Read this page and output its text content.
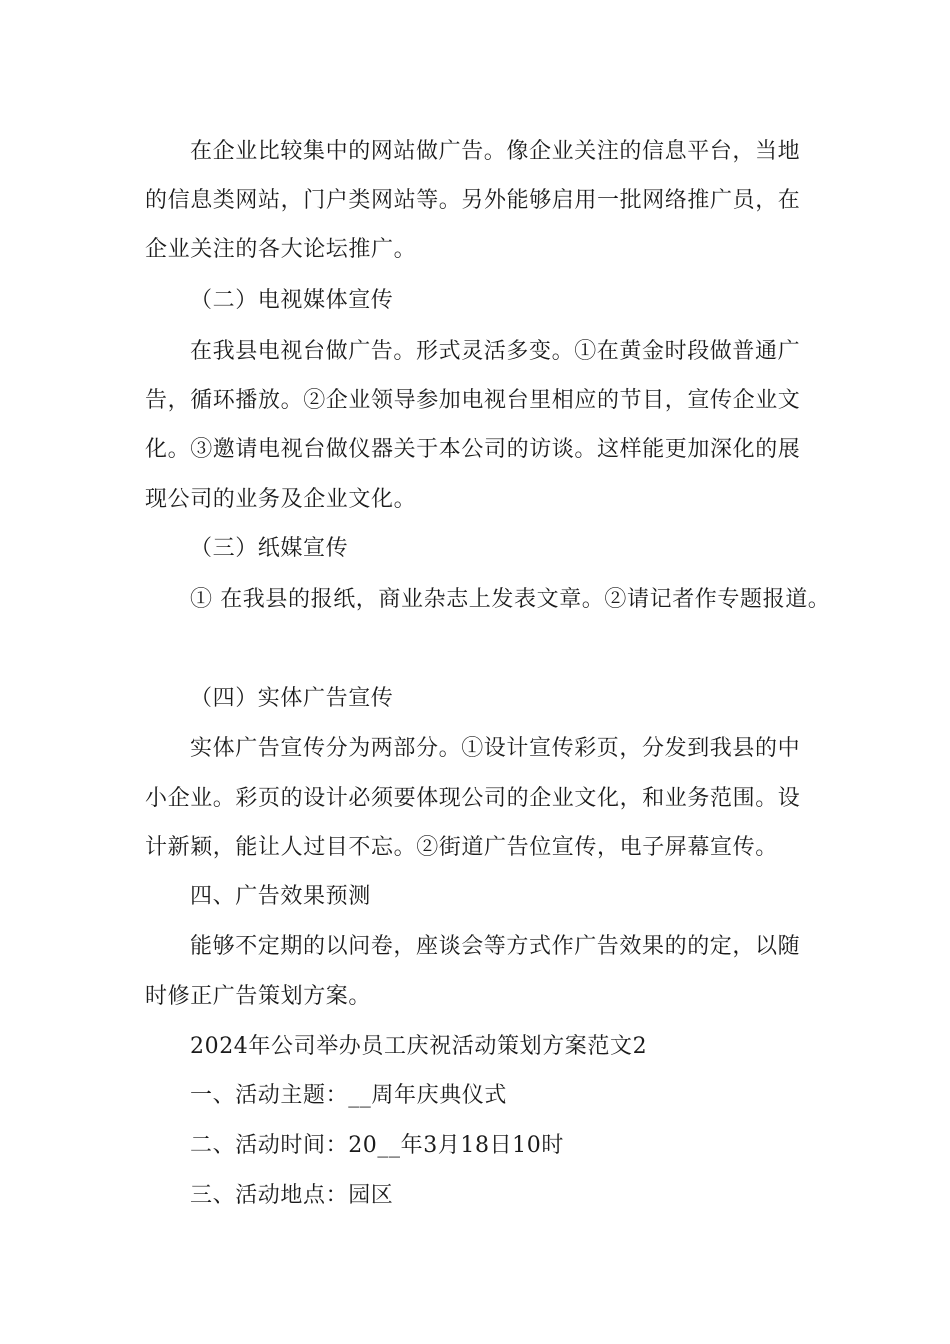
在企业比较集中的网站做广告。像企业关注的信息平台，当地
的信息类网站，门户类网站等。另外能够启用一批网络推广员，在
企业关注的各大论坛推广。
（二）电视媒体宣传
在我县电视台做广告。形式灵活多变。①在黄金时段做普通广
告，循环播放。②企业领导参加电视台里相应的节目，宣传企业文
化。③邀请电视台做仪器关于本公司的访谈。这样能更加深化的展
现公司的业务及企业文化。
（三）纸媒宣传
① 在我县的报纸，商业杂志上发表文章。②请记者作专题报道。
（四）实体广告宣传
实体广告宣传分为两部分。①设计宣传彩页，分发到我县的中
小企业。彩页的设计必须要体现公司的企业文化，和业务范围。设
计新颖，能让人过目不忘。②街道广告位宣传，电子屏幕宣传。
四、广告效果预测
能够不定期的以问卷，座谈会等方式作广告效果的的定，以随
时修正广告策划方案。
2024年公司举办员工庆祝活动策划方案范文2
一、活动主题：__周年庆典仪式
二、活动时间：20__年3月18日10时
三、活动地点：园区
